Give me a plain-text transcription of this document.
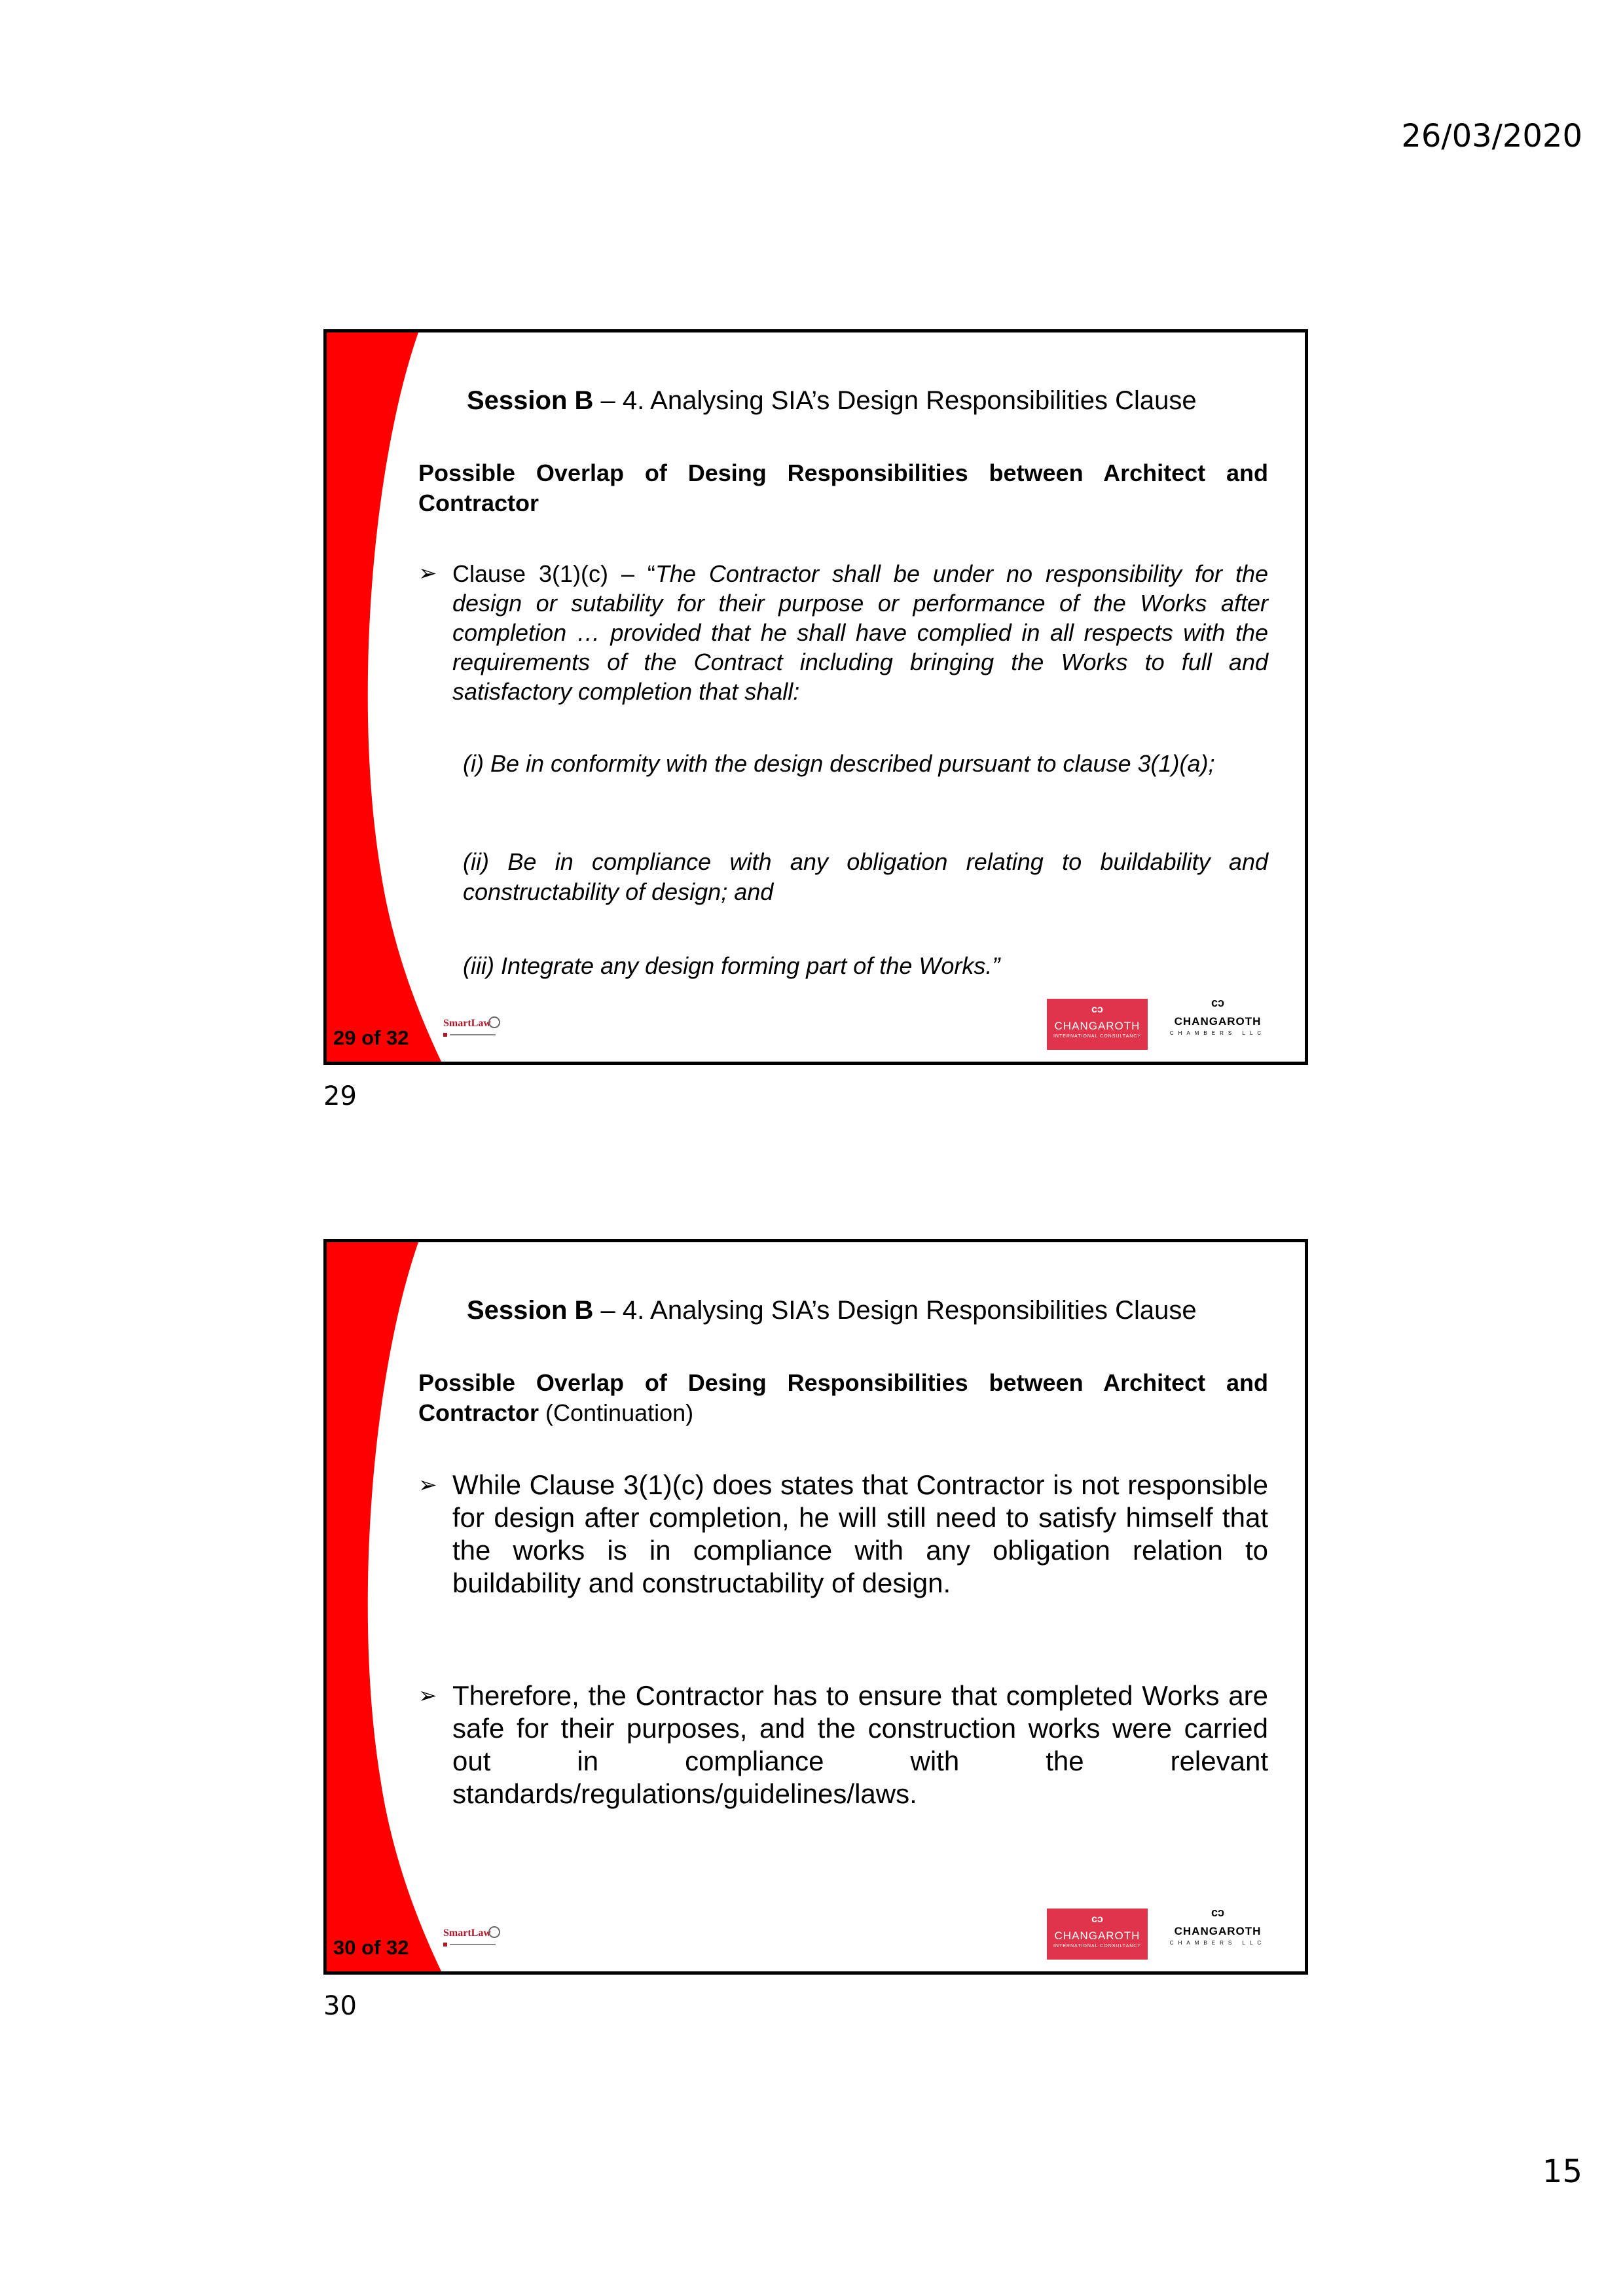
26/03/2020
29 of 32
Session B – 4. Analysing SIA’s Design Responsibilities Clause
Possible Overlap of Desing Responsibilities between Architect and Contractor
➢ Clause 3(1)(c) – “The Contractor shall be under no responsibility for the design or sutability for their purpose or performance of the Works after completion … provided that he shall have complied in all respects with the requirements of the Contract including bringing the Works to full and satisfactory completion that shall:
(i) Be in conformity with the design described pursuant to clause 3(1)(a);
(ii) Be in compliance with any obligation relating to buildability and constructability of design; and
(iii) Integrate any design forming part of the Works.”
SmartLaw
cɔ
CHANGAROTH
INTERNATIONAL CONSULTANCY
cɔ
CHANGAROTH
CHAMBERS LLC
29
30 of 32
Session B – 4. Analysing SIA’s Design Responsibilities Clause
Possible Overlap of Desing Responsibilities between Architect and Contractor (Continuation)
➢ While Clause 3(1)(c) does states that Contractor is not responsible for design after completion, he will still need to satisfy himself that the works is in compliance with any obligation relation to buildability and constructability of design.
➢ Therefore, the Contractor has to ensure that completed Works are safe for their purposes, and the construction works were carried out in compliance with the relevant standards/regulations/guidelines/laws.
SmartLaw
cɔ
CHANGAROTH
INTERNATIONAL CONSULTANCY
cɔ
CHANGAROTH
CHAMBERS LLC
30
15
